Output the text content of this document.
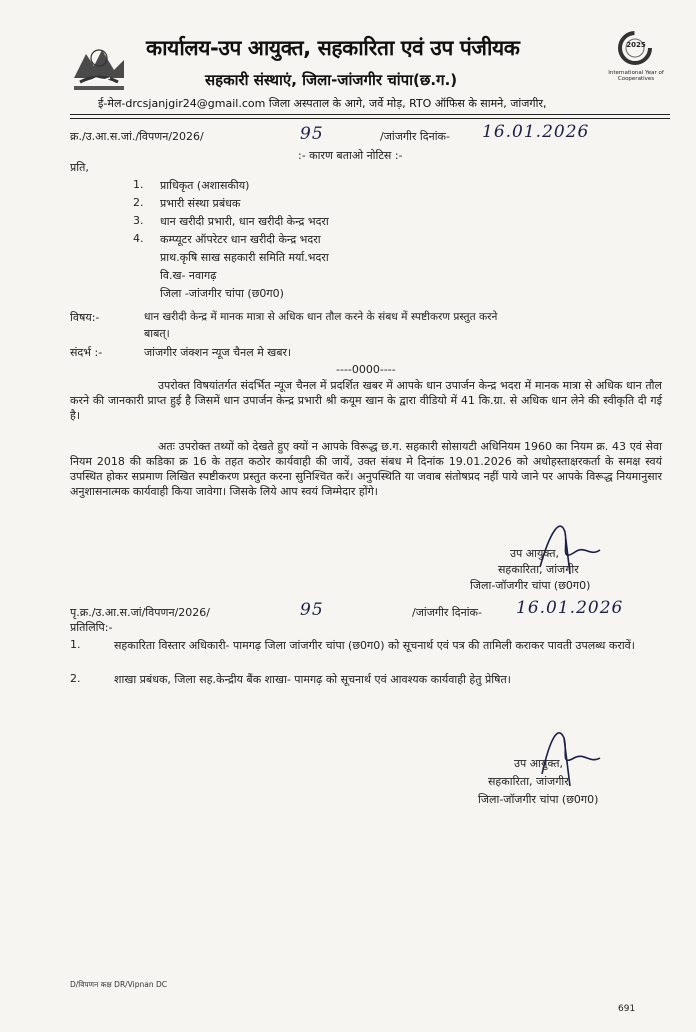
कार्यालय-उप आयुक्त, सहकारिता एवं उप पंजीयक
सहकारी संस्थाएं, जिला-जांजगीर चांपा(छ.ग.)
ई-मेल-drcsjanjgir24@gmail.com जिला अस्पताल के आगे, जर्वे मोड़, RTO ऑफिस के सामने, जांजगीर,
2025
International Year of Cooperatives
क्र./उ.आ.स.जां./विपणन/2026/	95	/जांजगीर दिनांक- 16.01.2026
:- कारण बताओ नोटिस :-
प्रति,
1. प्राधिकृत (अशासकीय)
2. प्रभारी संस्था प्रबंधक
3. धान खरीदी प्रभारी, धान खरीदी केन्द्र भदरा
4. कम्प्यूटर ऑपरेटर धान खरीदी केन्द्र भदरा
प्राथ.कृषि साख सहकारी समिति मर्या.भदरा
वि.ख- नवागढ़
जिला -जांजगीर चांपा (छ0ग0)
विषय:-	धान खरीदी केन्द्र में मानक मात्रा से अधिक धान तौल करने के संबध में स्पष्टीकरण प्रस्तुत करने
बाबत्।
संदर्भ :-	जांजगीर जंक्शन न्यूज चैनल मे खबर।
----0000----
उपरोक्त विषयांतर्गत संदर्भित न्यूज चैनल में प्रदर्शित खबर में आपके धान उपार्जन केन्द्र भदरा में मानक मात्रा से अधिक धान तौल करने की जानकारी प्राप्त हुई है जिसमें धान उपार्जन केन्द्र प्रभारी श्री कयूम खान के द्वारा वीडियो में 41 कि.ग्रा. से अधिक धान लेने की स्वीकृति दी गई है।
अतः उपरोक्त तथ्यों को देखते हुए क्यों न आपके विरूद्ध छ.ग. सहकारी सोसायटी अधिनियम 1960 का नियम क्र. 43 एवं सेवा नियम 2018 की कडिका क्र 16 के तहत कठोर कार्यवाही की जायें, उक्त संबध मे दिनांक 19.01.2026 को अधोहस्ताक्षरकर्ता के समक्ष स्वयं उपस्थित होकर सप्रमाण लिखित स्पष्टीकरण प्रस्तुत करना सुनिश्चित करें। अनुपस्थिति या जवाब संतोषप्रद नहीं पाये जाने पर आपके विरूद्ध नियमानुसार अनुशासनात्मक कार्यवाही किया जावेगा। जिसके लिये आप स्वयं जिम्मेदार होंगे।
उप आयुक्त,
सहकारिता, जांजगीर
जिला-जॉजगीर चांपा (छ0ग0)
पृ.क्र./उ.आ.स.जां/विपणन/2026/	95	/जांजगीर दिनांक- 16.01.2026
प्रतिलिपि:-
1.	सहकारिता विस्तार अधिकारी- पामगढ़ जिला जांजगीर चांपा (छ0ग0) को सूचनार्थ एवं पत्र की तामिली कराकर पावती उपलब्ध करावें।
2.	शाखा प्रबंधक, जिला सह.केन्द्रीय बैंक शाखा- पामगढ़ को सूचनार्थ एवं आवश्यक कार्यवाही हेतु प्रेषित।
उप आयुक्त,
सहकारिता, जांजगीर
जिला-जॉजगीर चांपा (छ0ग0)
D/विपणन कक्ष DR/Vipnan DC
691
